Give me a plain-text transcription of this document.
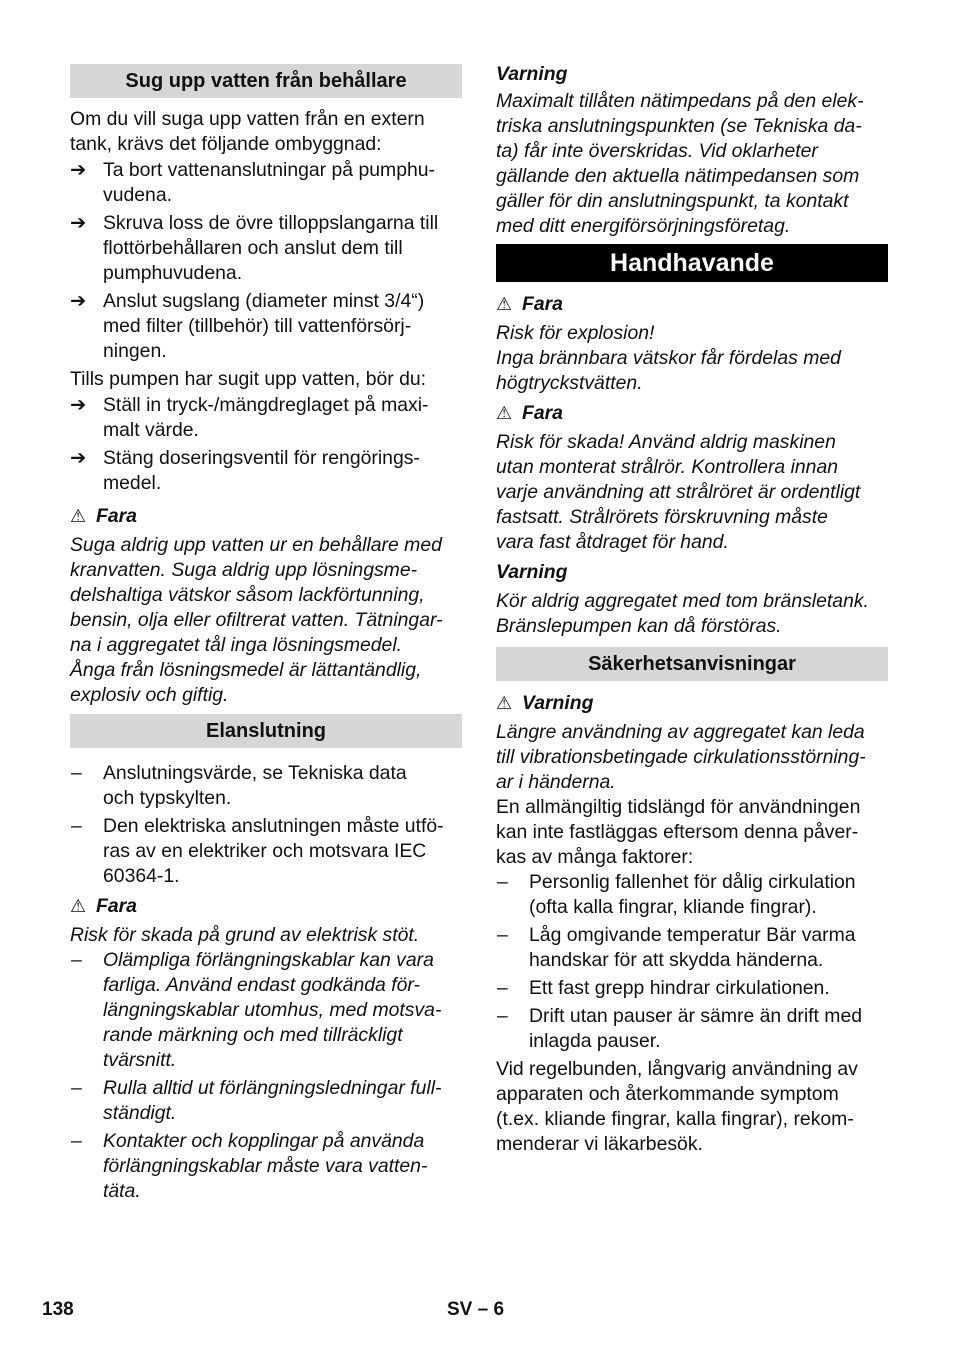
Sug upp vatten från behållare

Om du vill suga upp vatten från en extern
tank, krävs det följande ombyggnad:

➔ Ta bort vattenanslutningar på pumphu-
vudena.
➔ Skruva loss de övre tilloppslangarna till
flottörbehållaren och anslut dem till
pumphuvudena.
➔ Anslut sugslang (diameter minst 3/4“)
med filter (tillbehör) till vattenförsörj-
ningen.

Tills pumpen har sugit upp vatten, bör du:

➔ Ställ in tryck-/mängdreglaget på maxi-
malt värde.
➔ Stäng doseringsventil för rengörings-
medel.

⚠ Fara

Suga aldrig upp vatten ur en behållare med
kranvatten. Suga aldrig upp lösningsme-
delshaltiga vätskor såsom lackförtunning,
bensin, olja eller ofiltrerat vatten. Tätningar-
na i aggregatet tål inga lösningsmedel.
Ånga från lösningsmedel är lättantändlig,
explosiv och giftig.

Elanslutning
–	Anslutningsvärde, se Tekniska data
och typskylten.
–	Den elektriska anslutningen måste utfö-
ras av en elektriker och motsvara IEC
60364-1.

⚠ Fara

Risk för skada på grund av elektrisk stöt.

–	Olämpliga förlängningskablar kan vara
farliga. Använd endast godkända för-
längningskablar utomhus, med motsva-
rande märkning och med tillräckligt
tvärsnitt.
–	Rulla alltid ut förlängningsledningar full-
ständigt.
–	Kontakter och kopplingar på använda
förlängningskablar måste vara vatten-
täta.

Varning

Maximalt tillåten nätimpedans på den elek-
triska anslutningspunkten (se Tekniska da-
ta) får inte överskridas. Vid oklarheter
gällande den aktuella nätimpedansen som
gäller för din anslutningspunkt, ta kontakt
med ditt energiförsörjningsföretag.

Handhavande

⚠ Fara

Risk för explosion!
Inga brännbara vätskor får fördelas med
högtryckstvätten.

⚠ Fara

Risk för skada! Använd aldrig maskinen
utan monterat strålrör. Kontrollera innan
varje användning att strålröret är ordentligt
fastsatt. Strålrörets förskruvning måste
vara fast åtdraget för hand.

Varning

Kör aldrig aggregatet med tom bränsletank.
Bränslepumpen kan då förstöras.

Säkerhetsanvisningar

⚠ Varning

Längre användning av aggregatet kan leda
till vibrationsbetingade cirkulationsstörning-
ar i händerna.

En allmängiltig tidslängd för användningen
kan inte fastläggas eftersom denna påver-
kas av många faktorer:

–	Personlig fallenhet för dålig cirkulation
(ofta kalla fingrar, kliande fingrar).
–	Låg omgivande temperatur Bär varma
handskar för att skydda händerna.
–	Ett fast grepp hindrar cirkulationen.
–	Drift utan pauser är sämre än drift med
inlagda pauser.

Vid regelbunden, långvarig användning av
apparaten och återkommande symptom
(t.ex. kliande fingrar, kalla fingrar), rekom-
menderar vi läkarbesök.

138	SV – 6
